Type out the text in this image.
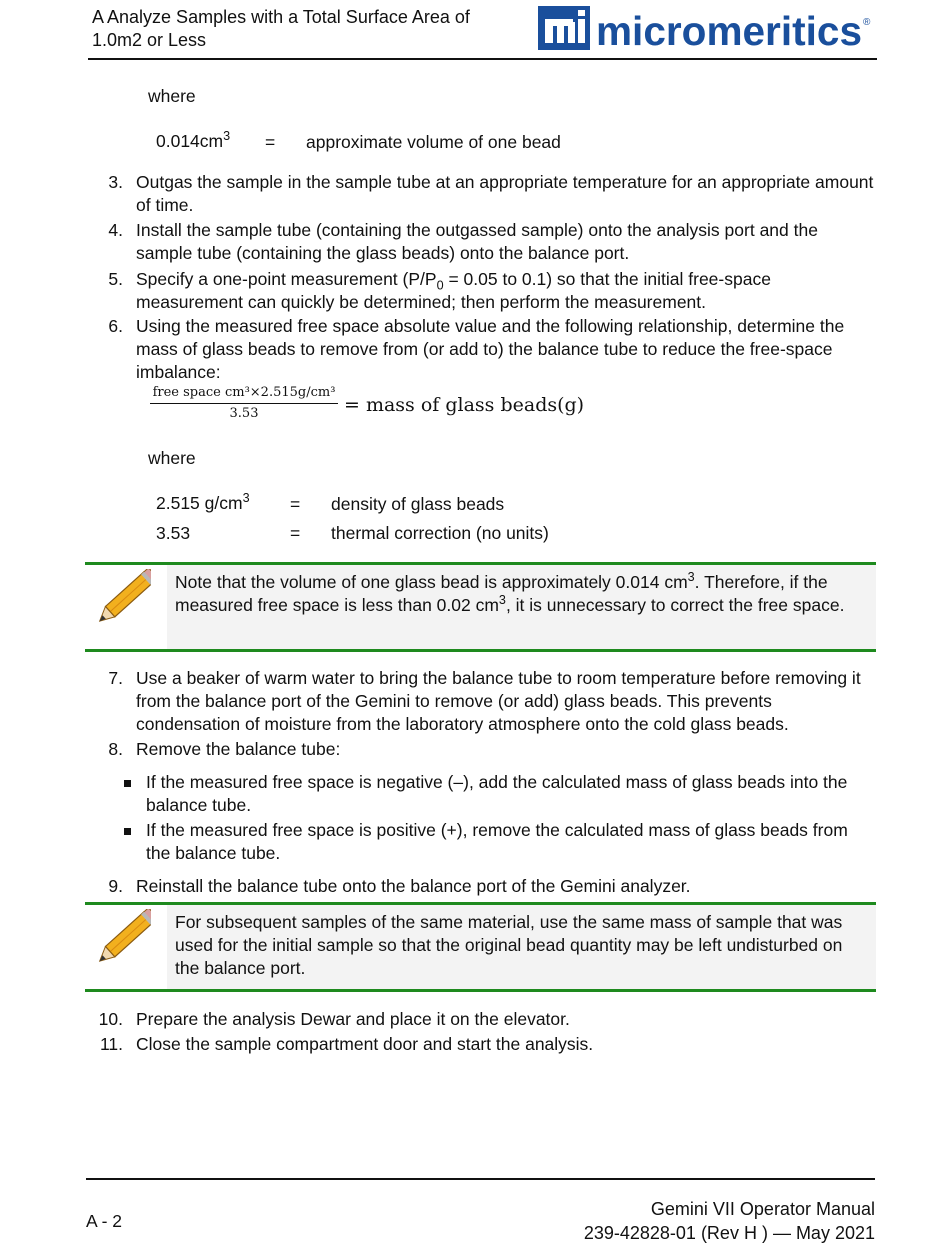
A Analyze Samples with a Total Surface Area of 1.0m2 or Less	micromeritics ®
where
$0.014cm^3$ = approximate volume of one bead
3. Outgas the sample in the sample tube at an appropriate temperature for an appropriate amount of time.
4. Install the sample tube (containing the outgassed sample) onto the analysis port and the sample tube (containing the glass beads) onto the balance port.
5. Specify a one-point measurement ($P/P_0 = 0.05$ to 0.1) so that the initial free-space measurement can quickly be determined; then perform the measurement.
6. Using the measured free space absolute value and the following relationship, determine the mass of glass beads to remove from (or add to) the balance tube to reduce the free-space imbalance:
free space cm³×2.515g/cm³
3.53	= mass of glass beads(g)
where
2.515 $g/cm^3$ = density of glass beads
3.53	= thermal correction (no units)
Note that the volume of one glass bead is approximately 0.014 $cm^3$. Therefore, if the measured free space is less than 0.02 $cm^3$, it is unnecessary to correct the free space.
7. Use a beaker of warm water to bring the balance tube to room temperature before removing it from the balance port of the Gemini to remove (or add) glass beads. This prevents condensation of moisture from the laboratory atmosphere onto the cold glass beads.
8. Remove the balance tube:
If the measured free space is negative (–), add the calculated mass of glass beads into the balance tube.
If the measured free space is positive (+), remove the calculated mass of glass beads from the balance tube.
9. Reinstall the balance tube onto the balance port of the Gemini analyzer.
For subsequent samples of the same material, use the same mass of sample that was used for the initial sample so that the original bead quantity may be left undisturbed on the balance port.
10. Prepare the analysis Dewar and place it on the elevator.
11. Close the sample compartment door and start the analysis.
A - 2
Gemini VII Operator Manual
239-42828-01 (Rev H ) — May 2021
